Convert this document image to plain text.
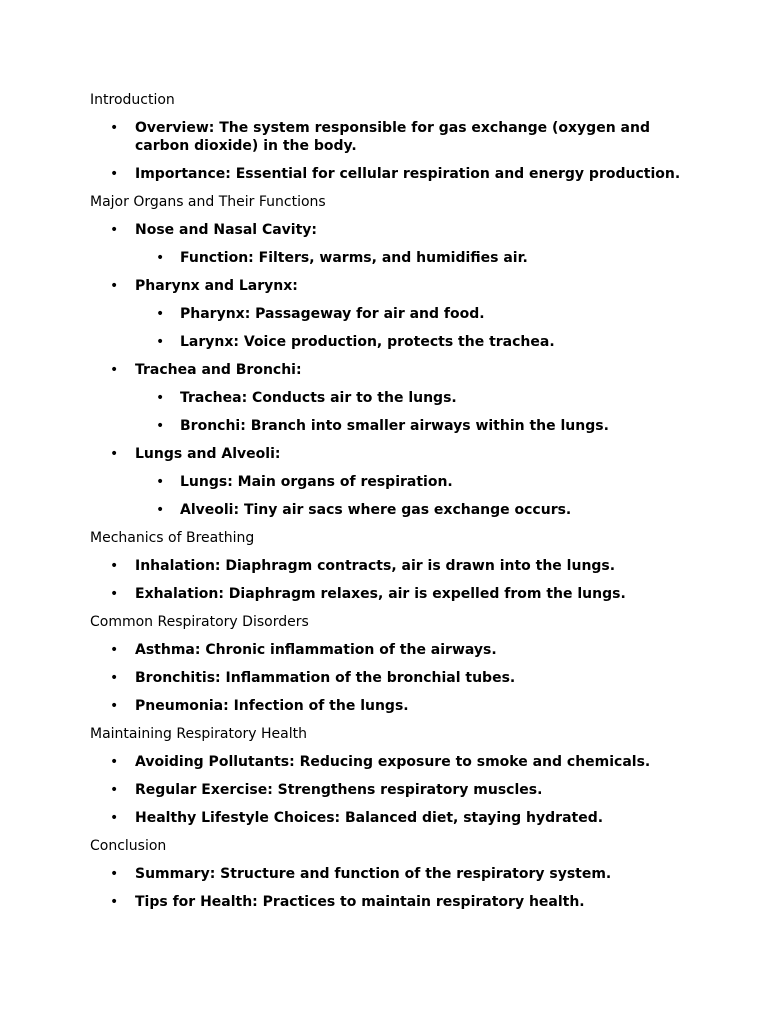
Introduction
• Overview: The system responsible for gas exchange (oxygen and carbon dioxide) in the body.
• Importance: Essential for cellular respiration and energy production.
Major Organs and Their Functions
• Nose and Nasal Cavity:
• Function: Filters, warms, and humidifies air.
• Pharynx and Larynx:
• Pharynx: Passageway for air and food.
• Larynx: Voice production, protects the trachea.
• Trachea and Bronchi:
• Trachea: Conducts air to the lungs.
• Bronchi: Branch into smaller airways within the lungs.
• Lungs and Alveoli:
• Lungs: Main organs of respiration.
• Alveoli: Tiny air sacs where gas exchange occurs.
Mechanics of Breathing
• Inhalation: Diaphragm contracts, air is drawn into the lungs.
• Exhalation: Diaphragm relaxes, air is expelled from the lungs.
Common Respiratory Disorders
• Asthma: Chronic inflammation of the airways.
• Bronchitis: Inflammation of the bronchial tubes.
• Pneumonia: Infection of the lungs.
Maintaining Respiratory Health
• Avoiding Pollutants: Reducing exposure to smoke and chemicals.
• Regular Exercise: Strengthens respiratory muscles.
• Healthy Lifestyle Choices: Balanced diet, staying hydrated.
Conclusion
• Summary: Structure and function of the respiratory system.
• Tips for Health: Practices to maintain respiratory health.
